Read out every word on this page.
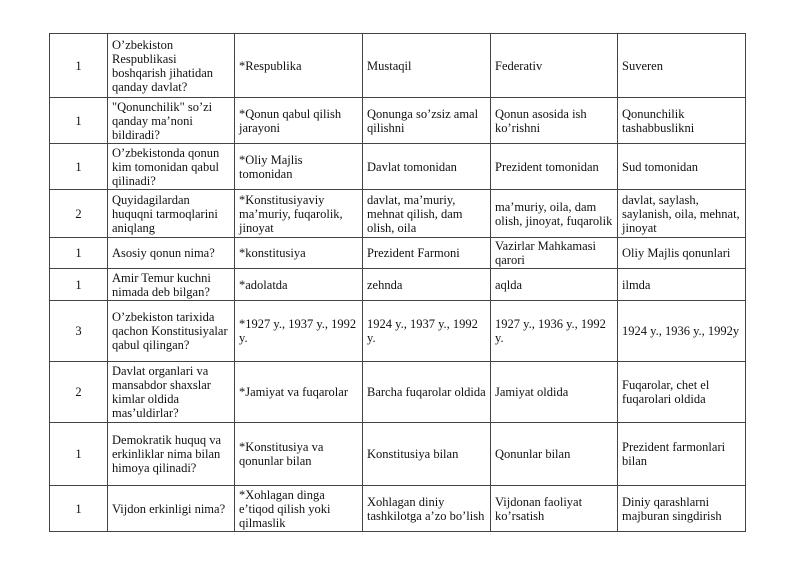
1	O’zbekiston Respublikasi boshqarish jihatidan qanday davlat?	*Respublika	Mustaqil	Federativ	Suveren
1	"Qonunchilik" so’zi qanday ma’noni bildiradi?	*Qonun qabul qilish jarayoni	Qonunga so’zsiz amal qilishni	Qonun asosida ish ko’rishni	Qonunchilik tashabbuslikni
1	O’zbekistonda qonun kim tomonidan qabul qilinadi?	*Oliy Majlis tomonidan	Davlat tomonidan	Prezident tomonidan	Sud tomonidan
2	Quyidagilardan huquqni tarmoqlarini aniqlang	*Konstitusiyaviy ma’muriy, fuqarolik, jinoyat	davlat, ma’muriy, mehnat qilish, dam olish, oila	ma’muriy, oila, dam olish, jinoyat, fuqarolik	davlat, saylash, saylanish, oila, mehnat, jinoyat
1	Asosiy qonun nima?	*konstitusiya	Prezident Farmoni	Vazirlar Mahkamasi qarori	Oliy Majlis qonunlari
1	Amir Temur kuchni nimada deb bilgan?	*adolatda	zehnda	aqlda	ilmda
3	O’zbekiston tarixida qachon Konstitusiyalar qabul qilingan?	*1927 y., 1937 y., 1992 y.	1924 y., 1937 y., 1992 y.	1927 y., 1936 y., 1992 y.	1924 y., 1936 y., 1992y
2	Davlat organlari va mansabdor shaxslar kimlar oldida mas’uldirlar?	*Jamiyat va fuqarolar	Barcha fuqarolar oldida	Jamiyat oldida	Fuqarolar, chet el fuqarolari oldida
1	Demokratik huquq va erkinliklar nima bilan himoya qilinadi?	*Konstitusiya va qonunlar bilan	Konstitusiya bilan	Qonunlar bilan	Prezident farmonlari bilan
1	Vijdon erkinligi nima?	*Xohlagan dinga e’tiqod qilish yoki qilmaslik	Xohlagan diniy tashkilotga a’zo bo’lish	Vijdonan faoliyat ko’rsatish	Diniy qarashlarni majburan singdirish
